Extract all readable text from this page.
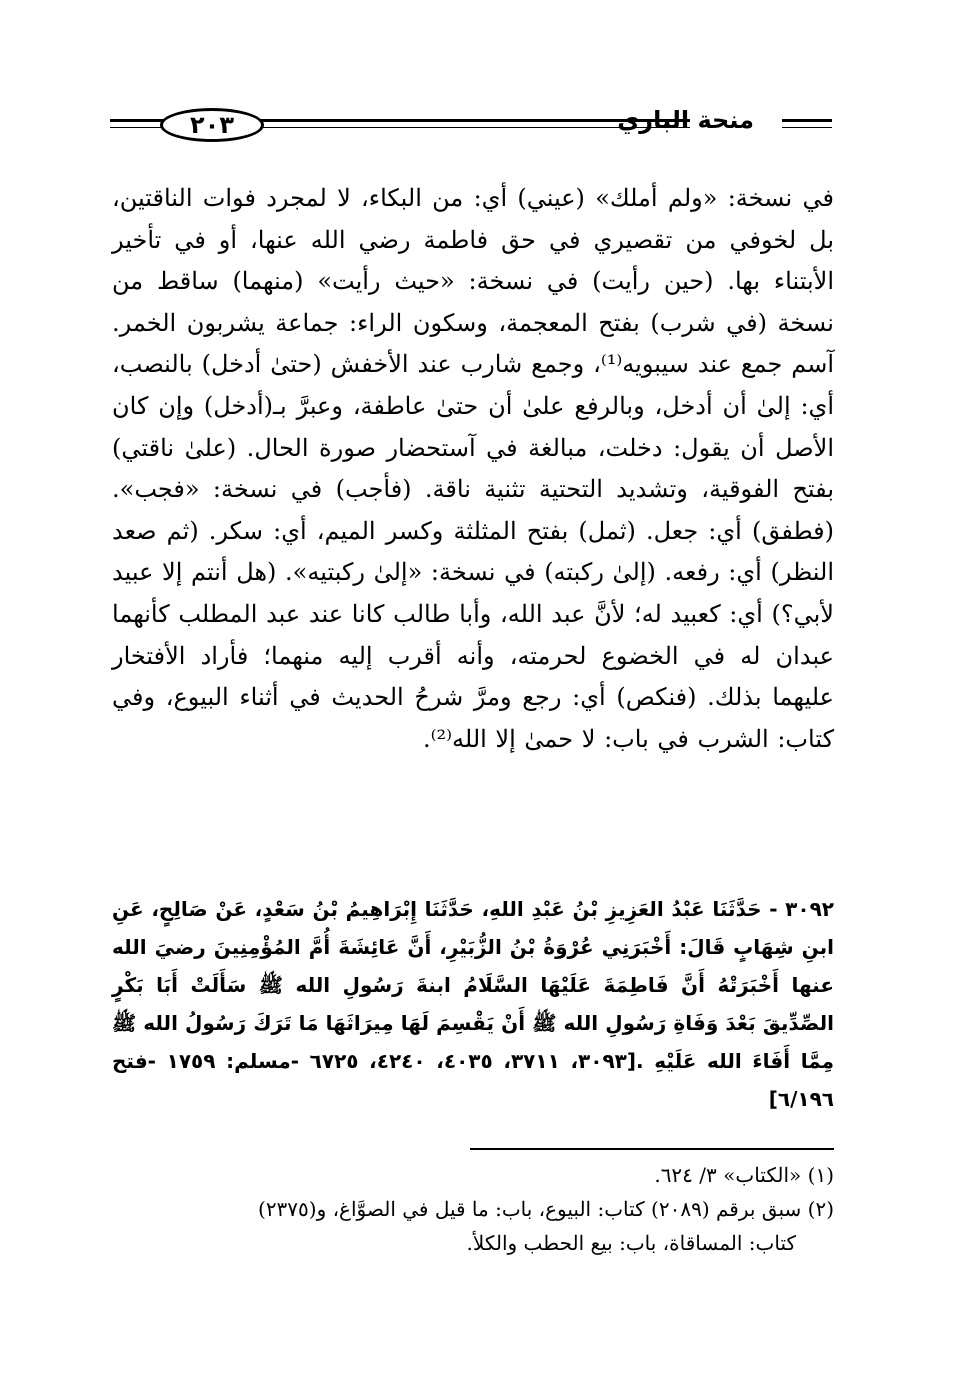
٢٠٣	منحة الباري

في نسخة: «ولم أملك» (عيني) أي: من البكاء، لا لمجرد فوات الناقتين، بل لخوفي من تقصيري في حق فاطمة رضي الله عنها، أو في تأخير الأبتناء بها. (حين رأيت) في نسخة: «حيث رأيت» (منهما) ساقط من نسخة (في شرب) بفتح المعجمة، وسكون الراء: جماعة يشربون الخمر. آسم جمع عند سيبويه⁽¹⁾، وجمع شارب عند الأخفش (حتىٰ أدخل) بالنصب، أي: إلىٰ أن أدخل، وبالرفع علىٰ أن حتىٰ عاطفة، وعبرَّ بـ(أدخل) وإن كان الأصل أن يقول: دخلت، مبالغة في آستحضار صورة الحال. (علىٰ ناقتي) بفتح الفوقية، وتشديد التحتية تثنية ناقة. (فأجب) في نسخة: «فجب». (فطفق) أي: جعل. (ثمل) بفتح المثلثة وكسر الميم، أي: سكر. (ثم صعد النظر) أي: رفعه. (إلىٰ ركبته) في نسخة: «إلىٰ ركبتيه». (هل أنتم إلا عبيد لأبي؟) أي: كعبيد له؛ لأنَّ عبد الله، وأبا طالب كانا عند عبد المطلب كأنهما عبدان له في الخضوع لحرمته، وأنه أقرب إليه منهما؛ فأراد الأفتخار عليهما بذلك. (فنكص) أي: رجع ومرَّ شرحُ الحديث في أثناء البيوع، وفي كتاب: الشرب في باب: لا حمىٰ إلا الله⁽²⁾.

٣٠٩٢ - حَدَّثَنَا عَبْدُ العَزِيزِ بْنُ عَبْدِ اللهِ، حَدَّثَنَا إِبْرَاهِيمُ بْنُ سَعْدٍ، عَنْ صَالِحٍ، عَنِ ابنِ شِهَابٍ قَالَ: أَخْبَرَنِي عُرْوَةُ بْنُ الزُّبَيْرِ، أَنَّ عَائِشَةَ أُمَّ المُؤْمِنِينَ رضيَ الله عنها أَخْبَرَتْهُ أَنَّ فَاطِمَةَ عَلَيْهَا السَّلَامُ ابنةَ رَسُولِ الله ﷺ سَأَلَتْ أَبَا بَكْرٍ الصِّدِّيقَ بَعْدَ وَفَاةِ رَسُولِ الله ﷺ أَنْ يَقْسِمَ لَهَا مِيرَاثَهَا مَا تَرَكَ رَسُولُ الله ﷺ مِمَّا أَفَاءَ الله عَلَيْهِ .[٣٠٩٣، ٣٧١١، ٤٠٣٥، ٤٢٤٠، ٦٧٢٥ -مسلم: ١٧٥٩ -فتح ٦/١٩٦]

(١) «الكتاب» ٣/ ٦٢٤.

(٢) سبق برقم (٢٠٨٩) كتاب: البيوع، باب: ما قيل في الصوَّاغ، و(٢٣٧٥)

كتاب: المساقاة، باب: بيع الحطب والكلأ.
